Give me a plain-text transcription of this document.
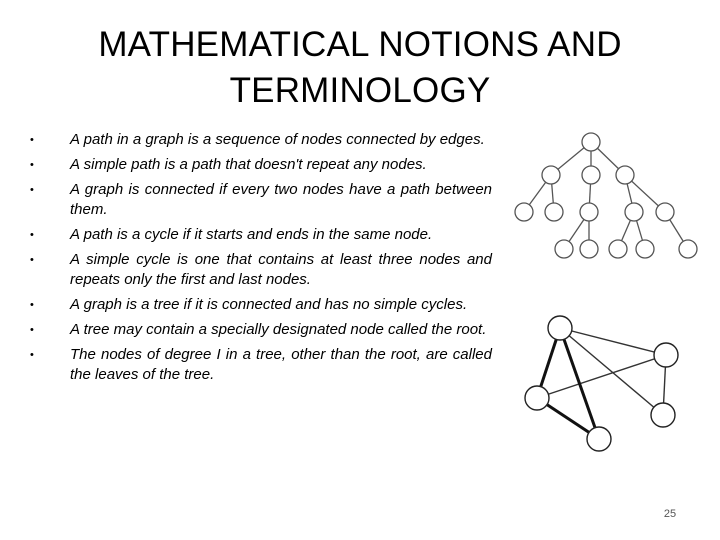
MATHEMATICAL NOTIONS AND TERMINOLOGY
• A path in a graph is a sequence of nodes connected by edges.
• A simple path is a path that doesn't repeat any nodes.
• A graph is connected if every two nodes have a path between them.
• A path is a cycle if it starts and ends in the same node.
• A simple cycle is one that contains at least three nodes and repeats only the first and last nodes.
• A graph is a tree if it is connected and has no simple cycles.
• A tree may contain a specially designated node called the root.
• The nodes of degree I in a tree, other than the root, are called the leaves of the tree.
25
